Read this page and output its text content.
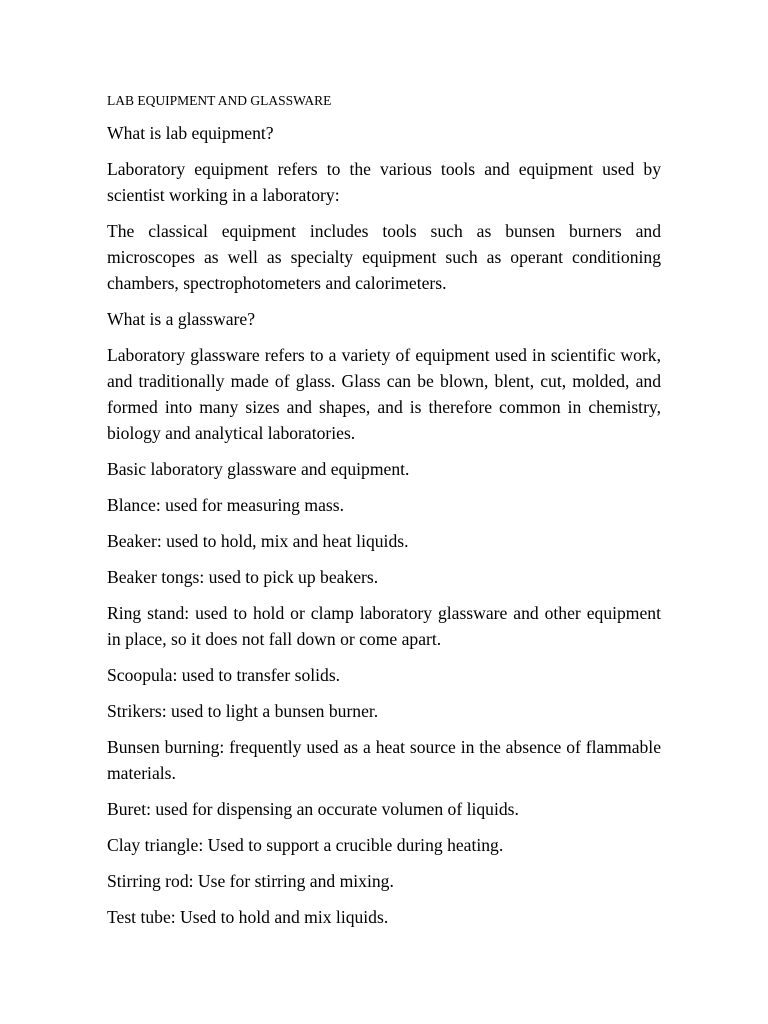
LAB EQUIPMENT AND GLASSWARE

What is lab equipment?

Laboratory equipment refers to the various tools and equipment used by scientist working in a laboratory:

The classical equipment includes tools such as bunsen burners and microscopes as well as specialty equipment such as operant conditioning chambers, spectrophotometers and calorimeters.

What is a glassware?

Laboratory glassware refers to a variety of equipment used in scientific work, and traditionally made of glass. Glass can be blown, blent, cut, molded, and formed into many sizes and shapes, and is therefore common in chemistry, biology and analytical laboratories.

Basic laboratory glassware and equipment.

Blance: used for measuring mass.

Beaker: used to hold, mix and heat liquids.

Beaker tongs: used to pick up beakers.

Ring stand: used to hold or clamp laboratory glassware and other equipment in place, so it does not fall down or come apart.

Scoopula: used to transfer solids.

Strikers: used to light a bunsen burner.

Bunsen burning: frequently used as a heat source in the absence of flammable materials.

Buret: used for dispensing an occurate volumen of liquids.

Clay triangle: Used to support a crucible during heating.

Stirring rod: Use for stirring and mixing.

Test tube: Used to hold and mix liquids.
